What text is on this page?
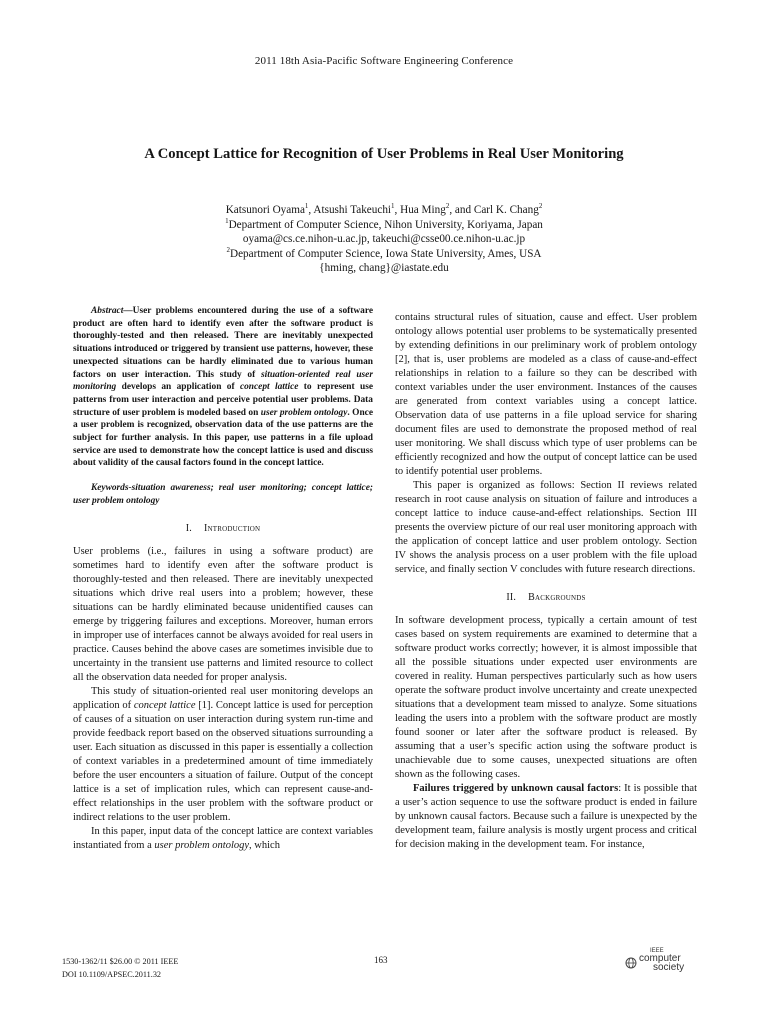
2011 18th Asia-Pacific Software Engineering Conference
A Concept Lattice for Recognition of User Problems in Real User Monitoring
Katsunori Oyama$^1$, Atsushi Takeuchi$^1$, Hua Ming$^2$, and Carl K. Chang$^2$
$^1$Department of Computer Science, Nihon University, Koriyama, Japan
oyama@cs.ce.nihon-u.ac.jp, takeuchi@csse00.ce.nihon-u.ac.jp
$^2$Department of Computer Science, Iowa State University, Ames, USA
{hming, chang}@iastate.edu

Abstract—User problems encountered during the use of a software product are often hard to identify even after the software product is thoroughly-tested and then released. There are inevitably unexpected situations introduced or triggered by transient use patterns, however, these unexpected situations can be hardly eliminated due to various human factors on user interaction. This study of situation-oriented real user monitoring develops an application of concept lattice to represent use patterns from user interaction and perceive potential user problems. Data structure of user problem is modeled based on user problem ontology. Once a user problem is recognized, observation data of the use patterns are the subject for further analysis. In this paper, use patterns in a file upload service are used to demonstrate how the concept lattice is used and discuss about validity of the causal factors found in the concept lattice.

Keywords-situation awareness; real user monitoring; concept lattice; user problem ontology

I. Introduction

User problems (i.e., failures in using a software product) are sometimes hard to identify even after the software product is thoroughly-tested and then released. There are inevitably unexpected situations which drive real users into a problem; however, these situations can be hardly eliminated because unidentified causes can emerge by triggering failures and exceptions. Moreover, human errors in improper use of interfaces cannot be always avoided for real users in practice. Causes behind the above cases are sometimes invisible due to uncertainty in the transient use patterns and limited resource to collect all the observation data needed for proper analysis.

This study of situation-oriented real user monitoring develops an application of concept lattice [1]. Concept lattice is used for perception of causes of a situation on user interaction during system run-time and provide feedback report based on the observed situations surrounding a user. Each situation as discussed in this paper is essentially a collection of context variables in a predetermined amount of time immediately before the user encounters a situation of failure. Output of the concept lattice is a set of implication rules, which can represent cause-and-effect relationships in the user problem with the software product or indirect relations to the user problem.

In this paper, input data of the concept lattice are context variables instantiated from a user problem ontology, which

contains structural rules of situation, cause and effect. User problem ontology allows potential user problems to be systematically presented by extending definitions in our preliminary work of problem ontology [2], that is, user problems are modeled as a class of cause-and-effect relationships in relation to a failure so they can be described with context variables under the user environment. Instances of the causes are generated from context variables using a concept lattice. Observation data of use patterns in a file upload service for sharing document files are used to demonstrate the proposed method of real user monitoring. We shall discuss which type of user problems can be efficiently recognized and how the output of concept lattice can be used to identify potential user problems.

This paper is organized as follows: Section II reviews related research in root cause analysis on situation of failure and introduces a concept lattice to induce cause-and-effect relationships. Section III presents the overview picture of our real user monitoring approach with the application of concept lattice and user problem ontology. Section IV shows the analysis process on a user problem with the file upload service, and finally section V concludes with future research directions.

II. Backgrounds

In software development process, typically a certain amount of test cases based on system requirements are examined to determine that a software product works correctly; however, it is almost impossible that all the possible situations under expected user environments are covered in reality. Human perspectives particularly such as how users operate the software product involve uncertainty and create unexpected situations that a development team missed to analyze. Some situations leading the users into a problem with the software product are mostly found sooner or later after the software product is released. By assuming that a user’s specific action using the software product is unachievable due to some causes, unexpected situations are often shown as the following cases.

Failures triggered by unknown causal factors: It is possible that a user’s action sequence to use the software product is ended in failure by unknown causal factors. Because such a failure is unexpected by the development team, failure analysis is mostly urgent process and critical for decision making in the development team. For instance,

1530-1362/11 $26.00 © 2011 IEEE
DOI 10.1109/APSEC.2011.32
163
IEEE
computer
society
